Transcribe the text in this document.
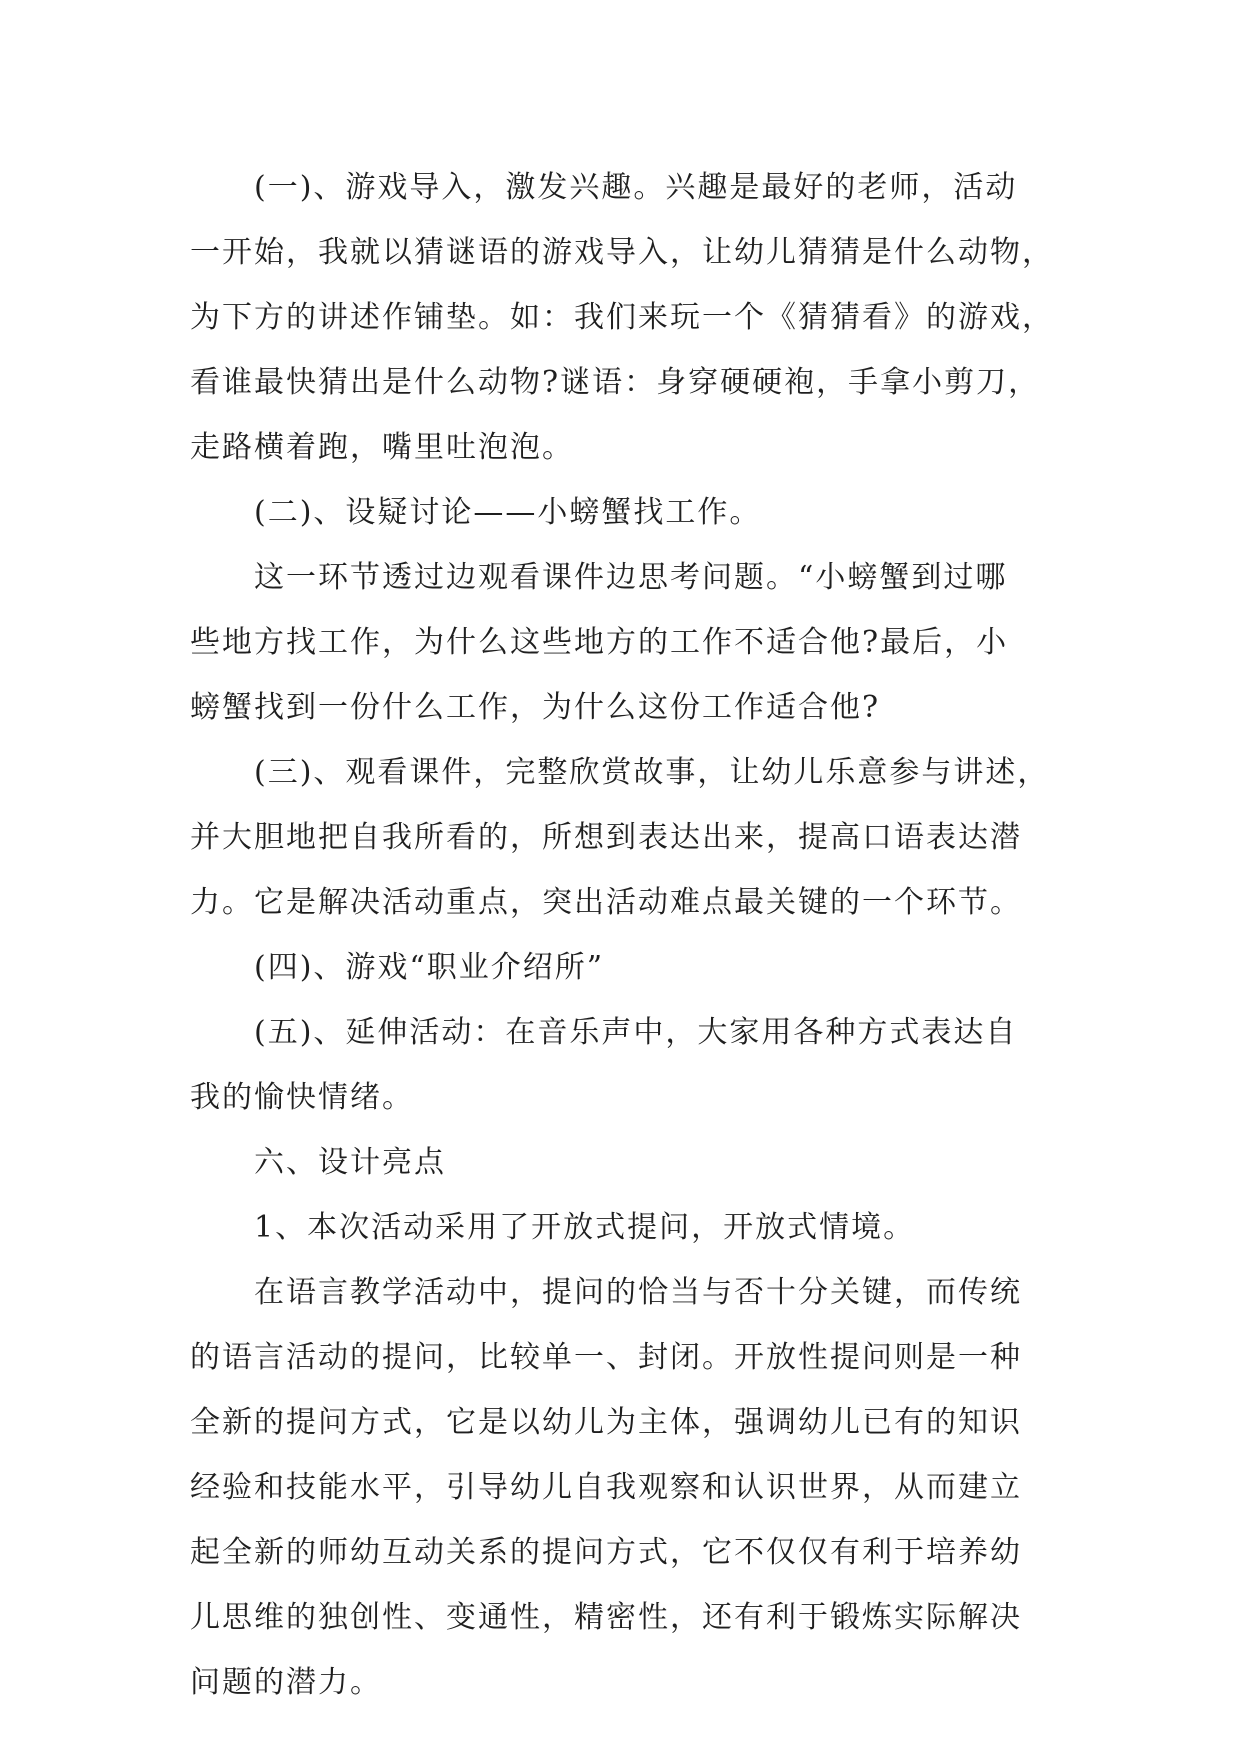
(一)、游戏导入，激发兴趣。兴趣是最好的老师，活动
一开始，我就以猜谜语的游戏导入，让幼儿猜猜是什么动物，
为下方的讲述作铺垫。如：我们来玩一个《猜猜看》的游戏，
看谁最快猜出是什么动物?谜语：身穿硬硬袍，手拿小剪刀，
走路横着跑，嘴里吐泡泡。
(二)、设疑讨论——小螃蟹找工作。
这一环节透过边观看课件边思考问题。“小螃蟹到过哪
些地方找工作，为什么这些地方的工作不适合他?最后，小
螃蟹找到一份什么工作，为什么这份工作适合他?
(三)、观看课件，完整欣赏故事，让幼儿乐意参与讲述，
并大胆地把自我所看的，所想到表达出来，提高口语表达潜
力。它是解决活动重点，突出活动难点最关键的一个环节。
(四)、游戏“职业介绍所”
(五)、延伸活动：在音乐声中，大家用各种方式表达自
我的愉快情绪。
六、设计亮点
1、本次活动采用了开放式提问，开放式情境。
在语言教学活动中，提问的恰当与否十分关键，而传统
的语言活动的提问，比较单一、封闭。开放性提问则是一种
全新的提问方式，它是以幼儿为主体，强调幼儿已有的知识
经验和技能水平，引导幼儿自我观察和认识世界，从而建立
起全新的师幼互动关系的提问方式，它不仅仅有利于培养幼
儿思维的独创性、变通性，精密性，还有利于锻炼实际解决
问题的潜力。
